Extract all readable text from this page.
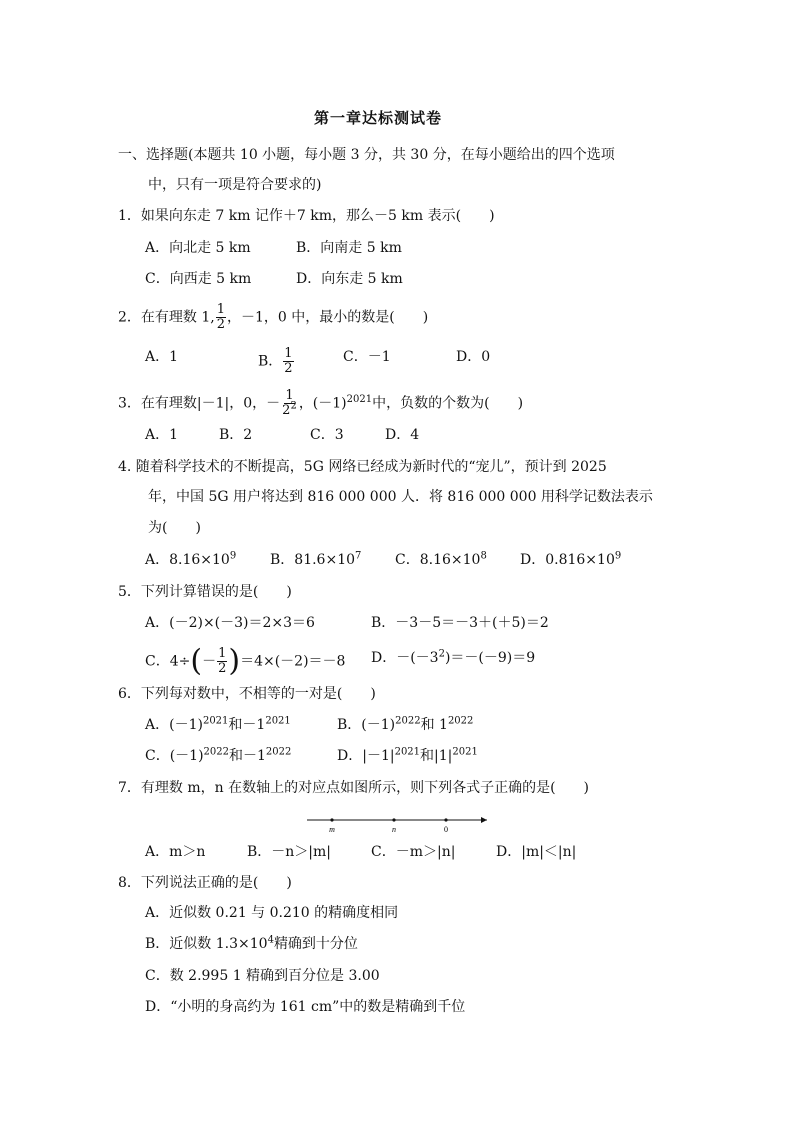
第一章达标测试卷
一、选择题(本题共 10 小题，每小题 3 分，共 30 分，在每小题给出的四个选项
中，只有一项是符合要求的)
1．如果向东走 7 km 记作＋7 km，那么－5 km 表示(　　)
A．向北走 5 km	B．向南走 5 km
C．向西走 5 km	D．向东走 5 km
2．在有理数 1, $\frac{1}{2}$ ，－1，0 中，最小的数是(　　)
A．1	B． $\frac{1}{2}$	C．－1	D．0
3．在有理数|－1|，0，－ $\frac{1}{2^2}$ ，$(-1)^{2021}$中，负数的个数为(　　)
A．1	B．2	C．3	D．4
4. 随着科学技术的不断提高，5G 网络已经成为新时代的“宠儿”，预计到 2025
年，中国 5G 用户将达到 816 000 000 人．将 816 000 000 用科学记数法表示
为(　　)
A．$8.16\times 10^9$ B．$81.6\times 10^7$ C．$8.16\times 10^8$ D．$0.816\times 10^9$
5．下列计算错误的是(　　)
A．(－2)×(－3)＝2×3＝6	B．－3－5＝－3＋(＋5)＝2
C．$4\div(- \frac{1}{2} )=4\times(-2)=-8$ D．$-(-3^2)=-(-9)=9$
6．下列每对数中，不相等的一对是(　　)
A．$(-1)^{2021}$和$-1^{2021}$	B．$(-1)^{2022}$和 $1^{2022}$
C．$(-1)^{2022}$和$-1^{2022}$	D．$|-1|^{2021}$和$|1|^{2021}$
7．有理数 m，n 在数轴上的对应点如图所示，则下列各式子正确的是(　　)
m	n	0
A．m＞n	B．－n＞|m|	C．－m＞|n|	D．|m|＜|n|
8．下列说法正确的是(　　)
A．近似数 0.21 与 0.210 的精确度相同
B．近似数 $1.3\times 10^4$精确到十分位
C．数 2.995 1 精确到百分位是 3.00
D．“小明的身高约为 161 cm”中的数是精确到千位
